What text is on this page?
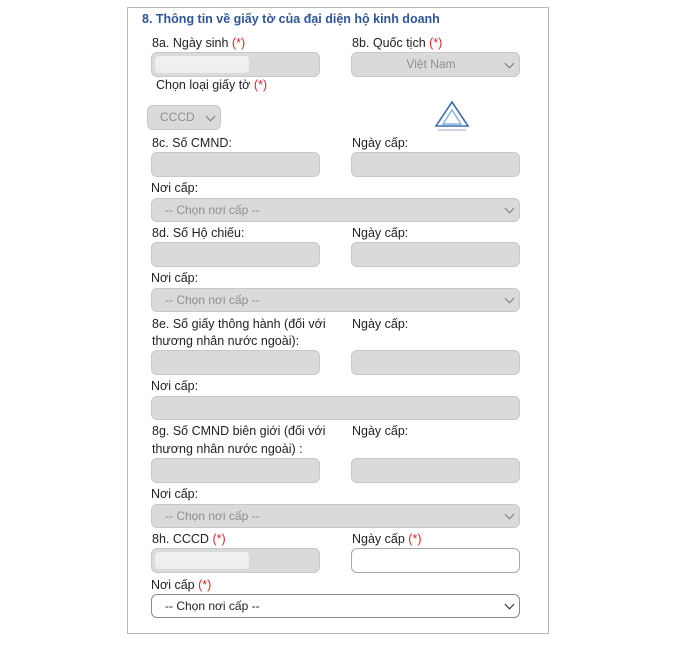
8. Thông tin về giấy tờ của đại diện hộ kinh doanh
8a. Ngày sinh (*)	8b. Quốc tịch (*)
Việt Nam
Chọn loại giấy tờ (*)
CCCD
8c. Số CMND:	Ngày cấp:
Nơi cấp:
-- Chọn nơi cấp --
8d. Số Hộ chiếu:	Ngày cấp:
Nơi cấp:
-- Chọn nơi cấp --
8e. Số giấy thông hành (đối với
thương nhân nước ngoài):
Ngày cấp:
Nơi cấp:
8g. Số CMND biên giới (đối với
thương nhân nước ngoài) :
Ngày cấp:
Nơi cấp:
-- Chọn nơi cấp --
8h. CCCD (*)	Ngày cấp (*)
Nơi cấp (*)
-- Chọn nơi cấp --
